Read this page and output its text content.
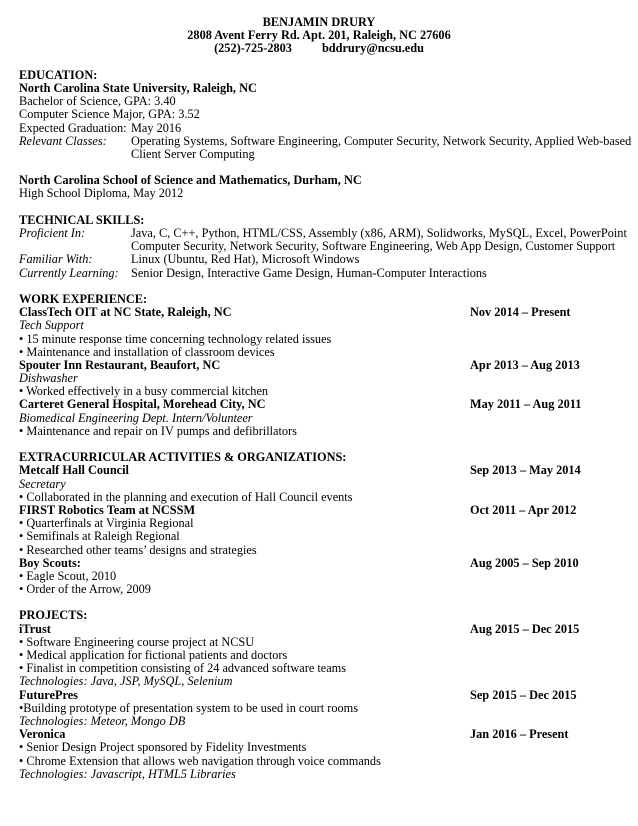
BENJAMIN DRURY
2808 Avent Ferry Rd. Apt. 201, Raleigh, NC 27606
(252)-725-2803 bddrury@ncsu.edu
EDUCATION:
North Carolina State University, Raleigh, NC
Bachelor of Science, GPA: 3.40
Computer Science Major, GPA: 3.52
Expected Graduation: May 2016
Relevant Classes: Operating Systems, Software Engineering, Computer Security, Network Security, Applied Web-based
Client Server Computing
North Carolina School of Science and Mathematics, Durham, NC
High School Diploma, May 2012
TECHNICAL SKILLS:
Proficient In:	Java, C, C++, Python, HTML/CSS, Assembly (x86, ARM), Solidworks, MySQL, Excel, PowerPoint
Computer Security, Network Security, Software Engineering, Web App Design, Customer Support
Familiar With:	Linux (Ubuntu, Red Hat), Microsoft Windows
Currently Learning: Senior Design, Interactive Game Design, Human-Computer Interactions
WORK EXPERIENCE:
ClassTech OIT at NC State, Raleigh, NC	Nov 2014 – Present
Tech Support
• 15 minute response time concerning technology related issues
• Maintenance and installation of classroom devices
Spouter Inn Restaurant, Beaufort, NC	Apr 2013 – Aug 2013
Dishwasher
• Worked effectively in a busy commercial kitchen
Carteret General Hospital, Morehead City, NC	May 2011 – Aug 2011
Biomedical Engineering Dept. Intern/Volunteer
• Maintenance and repair on IV pumps and defibrillators
EXTRACURRICULAR ACTIVITIES & ORGANIZATIONS:
Metcalf Hall Council	Sep 2013 – May 2014
Secretary
• Collaborated in the planning and execution of Hall Council events
FIRST Robotics Team at NCSSM	Oct 2011 – Apr 2012
• Quarterfinals at Virginia Regional
• Semifinals at Raleigh Regional
• Researched other teams’ designs and strategies
Boy Scouts:	Aug 2005 – Sep 2010
• Eagle Scout, 2010
• Order of the Arrow, 2009
PROJECTS:
iTrust	Aug 2015 – Dec 2015
• Software Engineering course project at NCSU
• Medical application for fictional patients and doctors
• Finalist in competition consisting of 24 advanced software teams
Technologies: Java, JSP, MySQL, Selenium
FuturePres	Sep 2015 – Dec 2015
•Building prototype of presentation system to be used in court rooms
Technologies: Meteor, Mongo DB
Veronica	Jan 2016 – Present
• Senior Design Project sponsored by Fidelity Investments
• Chrome Extension that allows web navigation through voice commands
Technologies: Javascript, HTML5 Libraries
